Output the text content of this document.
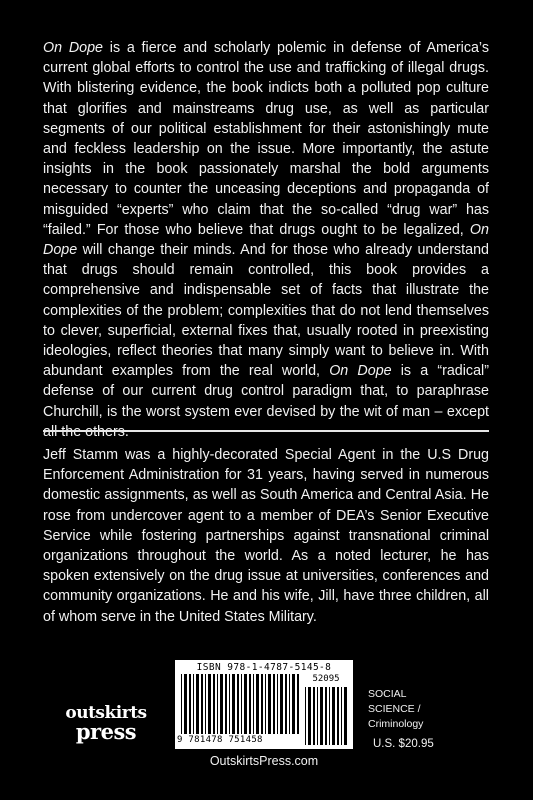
On Dope is a fierce and scholarly polemic in defense of America’s current global efforts to control the use and trafficking of illegal drugs. With blistering evidence, the book indicts both a polluted pop culture that glorifies and mainstreams drug use, as well as particular segments of our political establishment for their astonishingly mute and feckless leadership on the issue. More importantly, the astute insights in the book passionately marshal the bold arguments necessary to counter the unceasing deceptions and propaganda of misguided “experts” who claim that the so-called “drug war” has “failed.” For those who believe that drugs ought to be legalized, On Dope will change their minds. And for those who already understand that drugs should remain controlled, this book provides a comprehensive and indispensable set of facts that illustrate the complexities of the problem; complexities that do not lend themselves to clever, superficial, external fixes that, usually rooted in preexisting ideologies, reflect theories that many simply want to believe in. With abundant examples from the real world, On Dope is a “radical” defense of our current drug control paradigm that, to paraphrase Churchill, is the worst system ever devised by the wit of man – except

Jeff Stamm was a highly-decorated Special Agent in the U.S Drug Enforcement Administration for 31 years, having served in numerous domestic assignments, as well as South America and Central Asia. He rose from undercover agent to a member of DEA’s Senior Executive Service while fostering partnerships against transnational criminal organizations throughout the world. As a noted lecturer, he has spoken extensively on the drug issue at universities, conferences and community organizations. He and his wife, Jill, have three children, all of whom serve in the United States Military.

ISBN 978-1-4787-5145-8
52095
9 781478 751458
outskirts
press
OutskirtsPress.com
SOCIAL
SCIENCE /
Criminology
U.S. $20.95
